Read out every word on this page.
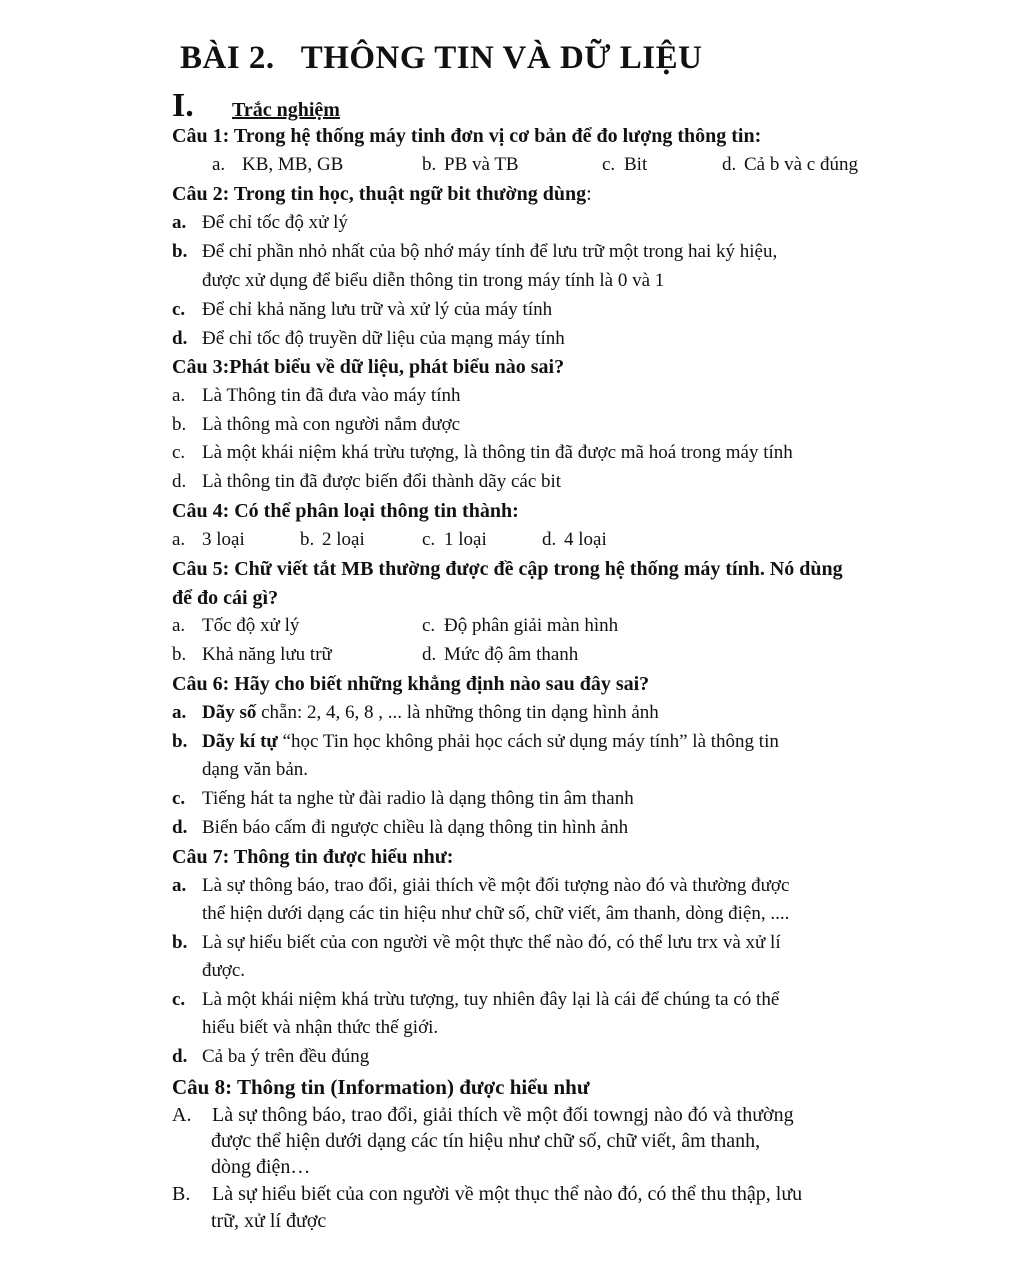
BÀI 2. THÔNG TIN VÀ DỮ LIỆU
I. Trắc nghiệm
Câu 1: Trong hệ thống máy tinh đơn vị cơ bản để đo lượng thông tin:
a. KB, MB, GB	b. PB và TB	c. Bit	d. Cả b và c đúng
Câu 2: Trong tin học, thuật ngữ bit thường dùng:
a. Để chỉ tốc độ xử lý
b. Để chỉ phần nhỏ nhất của bộ nhớ máy tính để lưu trữ một trong hai ký hiệu,
được xử dụng để biểu diễn thông tin trong máy tính là 0 và 1
c. Để chỉ khả năng lưu trữ và xử lý của máy tính
d. Để chỉ tốc độ truyền dữ liệu của mạng máy tính
Câu 3:Phát biểu về dữ liệu, phát biểu nào sai?
a. Là Thông tin đã đưa vào máy tính
b. Là thông mà con người nắm được
c. Là một khái niệm khá trừu tượng, là thông tin đã được mã hoá trong máy tính
d. Là thông tin đã được biến đổi thành dãy các bit
Câu 4: Có thể phân loại thông tin thành:
a. 3 loại	b. 2 loại	c. 1 loại	d. 4 loại
Câu 5: Chữ viết tắt MB thường được đề cập trong hệ thống máy tính. Nó dùng
để đo cái gì?
a. Tốc độ xử lý	c. Độ phân giải màn hình
b. Khả năng lưu trữ	d. Mức độ âm thanh
Câu 6: Hãy cho biết những khẳng định nào sau đây sai?
a. Dãy số chẵn: 2, 4, 6, 8 , ... là những thông tin dạng hình ảnh
b. Dãy kí tự “học Tin học không phải học cách sử dụng máy tính” là thông tin
dạng văn bản.
c. Tiếng hát ta nghe từ đài radio là dạng thông tin âm thanh
d. Biển báo cấm đi ngược chiều là dạng thông tin hình ảnh
Câu 7: Thông tin được hiểu như:
a. Là sự thông báo, trao đổi, giải thích về một đối tượng nào đó và thường được
thể hiện dưới dạng các tin hiệu như chữ số, chữ viết, âm thanh, dòng điện, ....
b. Là sự hiểu biết của con người về một thực thể nào đó, có thể lưu trx và xử lí
được.
c. Là một khái niệm khá trừu tượng, tuy nhiên đây lại là cái để chúng ta có thể
hiểu biết và nhận thức thế giới.
d. Cả ba ý trên đều đúng
Câu 8: Thông tin (Information) được hiểu như
A. Là sự thông báo, trao đổi, giải thích về một đối towngj nào đó và thường
được thể hiện dưới dạng các tín hiệu như chữ số, chữ viết, âm thanh,
dòng điện…
B. Là sự hiểu biết của con người về một thục thể nào đó, có thể thu thập, lưu
trữ, xử lí được
